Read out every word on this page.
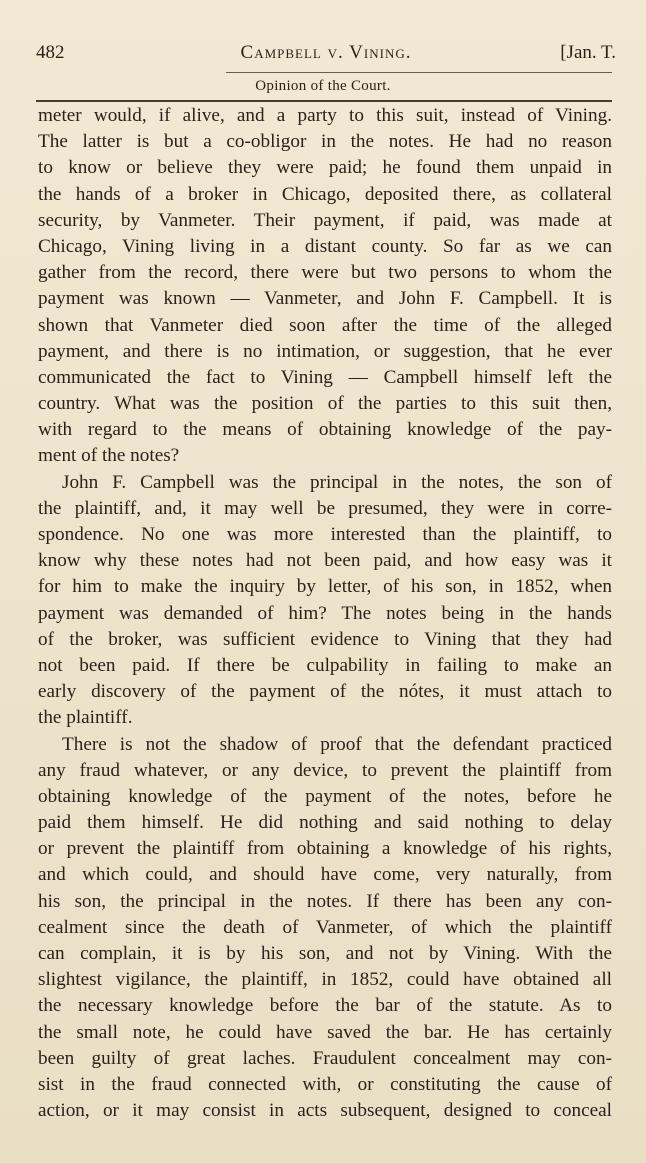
482	Campbell v. Vining.	[Jan. T.
Opinion of the Court.
meter would, if alive, and a party to this suit, instead of Vining.
The latter is but a co-obligor in the notes. He had no reason
to know or believe they were paid; he found them unpaid in
the hands of a broker in Chicago, deposited there, as collateral
security, by Vanmeter. Their payment, if paid, was made at
Chicago, Vining living in a distant county. So far as we can
gather from the record, there were but two persons to whom the
payment was known — Vanmeter, and John F. Campbell. It is
shown that Vanmeter died soon after the time of the alleged
payment, and there is no intimation, or suggestion, that he ever
communicated the fact to Vining — Campbell himself left the
country. What was the position of the parties to this suit then,
with regard to the means of obtaining knowledge of the pay-
ment of the notes?
John F. Campbell was the principal in the notes, the son of
the plaintiff, and, it may well be presumed, they were in corre-
spondence. No one was more interested than the plaintiff, to
know why these notes had not been paid, and how easy was it
for him to make the inquiry by letter, of his son, in 1852, when
payment was demanded of him? The notes being in the hands
of the broker, was sufficient evidence to Vining that they had
not been paid. If there be culpability in failing to make an
early discovery of the payment of the nótes, it must attach to
the plaintiff.
There is not the shadow of proof that the defendant practiced
any fraud whatever, or any device, to prevent the plaintiff from
obtaining knowledge of the payment of the notes, before he
paid them himself. He did nothing and said nothing to delay
or prevent the plaintiff from obtaining a knowledge of his rights,
and which could, and should have come, very naturally, from
his son, the principal in the notes. If there has been any con-
cealment since the death of Vanmeter, of which the plaintiff
can complain, it is by his son, and not by Vining. With the
slightest vigilance, the plaintiff, in 1852, could have obtained all
the necessary knowledge before the bar of the statute. As to
the small note, he could have saved the bar. He has certainly
been guilty of great laches. Fraudulent concealment may con-
sist in the fraud connected with, or constituting the cause of
action, or it may consist in acts subsequent, designed to conceal
